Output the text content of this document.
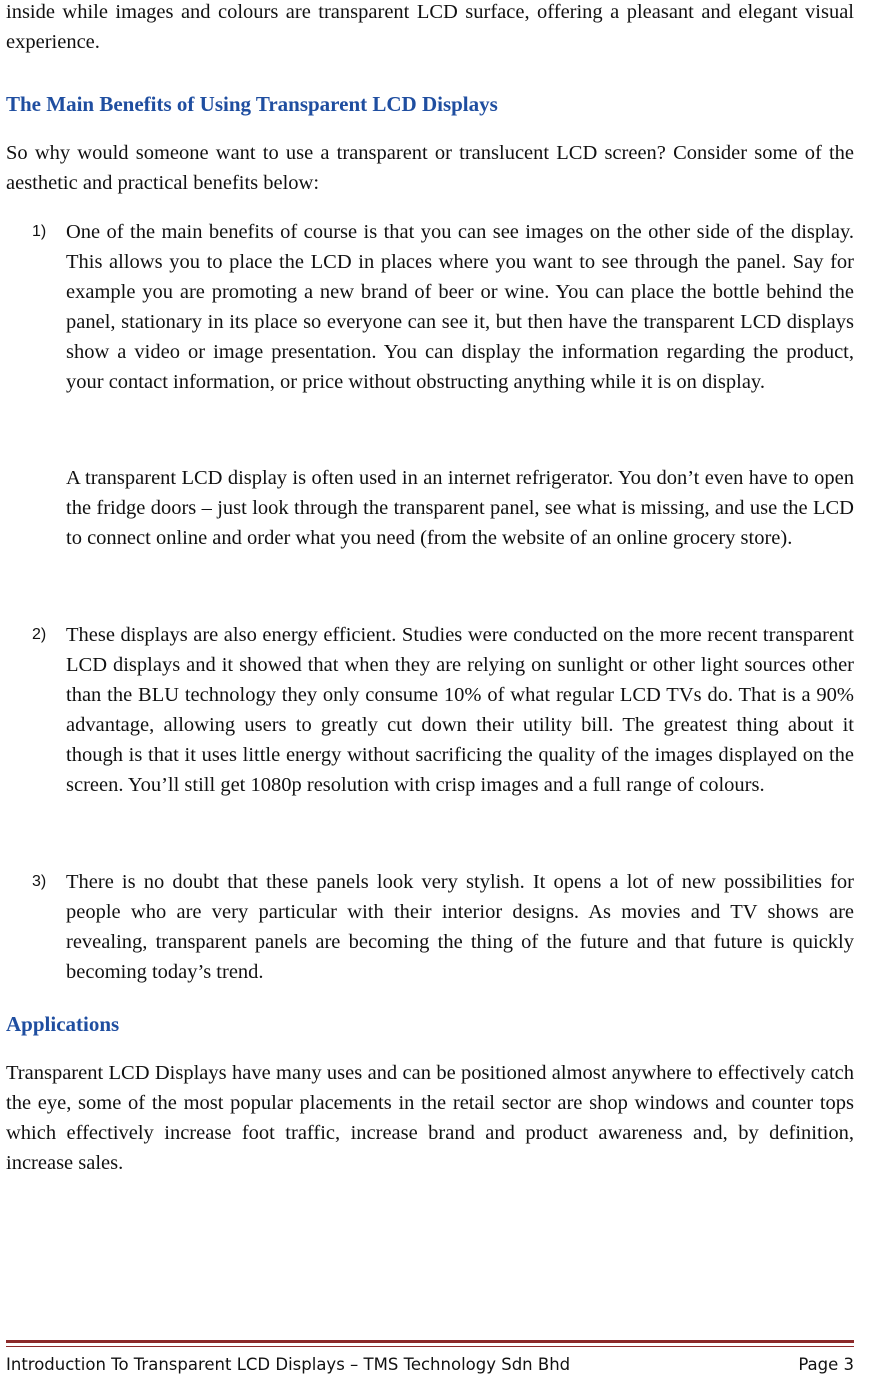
inside while images and colours are transparent LCD surface, offering a pleasant and elegant visual experience.

The Main Benefits of Using Transparent LCD Displays

So why would someone want to use a transparent or translucent LCD screen? Consider some of the aesthetic and practical benefits below:

1) One of the main benefits of course is that you can see images on the other side of the display. This allows you to place the LCD in places where you want to see through the panel. Say for example you are promoting a new brand of beer or wine. You can place the bottle behind the panel, stationary in its place so everyone can see it, but then have the transparent LCD displays show a video or image presentation. You can display the information regarding the product, your contact information, or price without obstructing anything while it is on display.

A transparent LCD display is often used in an internet refrigerator. You don’t even have to open the fridge doors – just look through the transparent panel, see what is missing, and use the LCD to connect online and order what you need (from the website of an online grocery store).

2) These displays are also energy efficient. Studies were conducted on the more recent transparent LCD displays and it showed that when they are relying on sunlight or other light sources other than the BLU technology they only consume 10% of what regular LCD TVs do. That is a 90% advantage, allowing users to greatly cut down their utility bill. The greatest thing about it though is that it uses little energy without sacrificing the quality of the images displayed on the screen. You’ll still get 1080p resolution with crisp images and a full range of colours.

3) There is no doubt that these panels look very stylish. It opens a lot of new possibilities for people who are very particular with their interior designs. As movies and TV shows are revealing, transparent panels are becoming the thing of the future and that future is quickly becoming today’s trend.

Applications

Transparent LCD Displays have many uses and can be positioned almost anywhere to effectively catch the eye, some of the most popular placements in the retail sector are shop windows and counter tops which effectively increase foot traffic, increase brand and product awareness and, by definition, increase sales.

Introduction To Transparent LCD Displays – TMS Technology Sdn Bhd	Page 3
